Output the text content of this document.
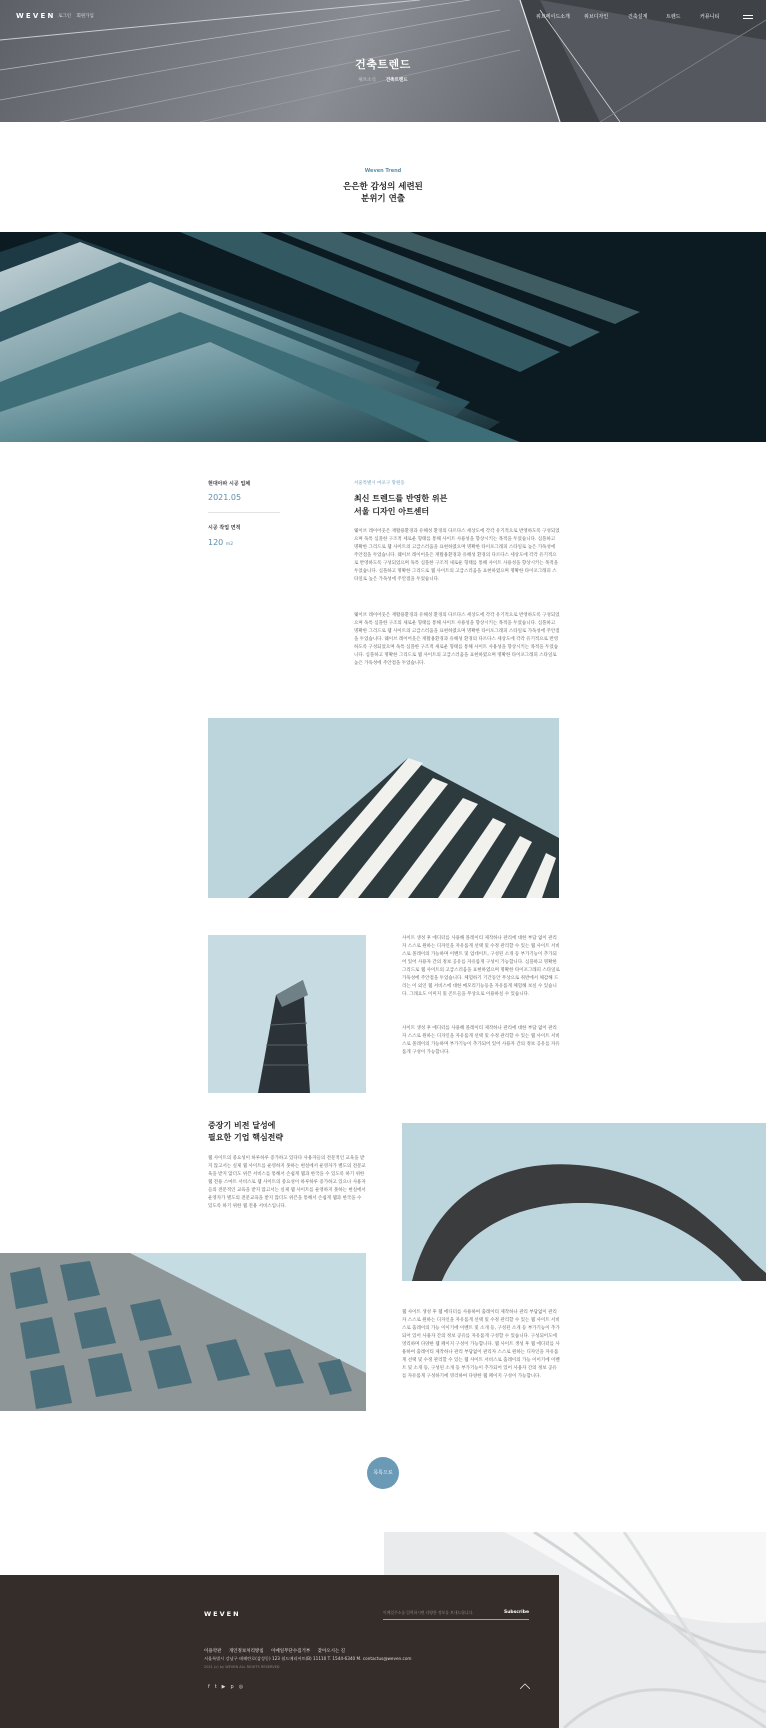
WEVEN 로그인 회원가입	위브메이드소개	위브디자인	건축설계	트렌드	커뮤니티
건축트렌드
위브소식 건축트렌드
Weven Trend
은은한 감성의 세련된
분위기 연출
현대아파 시공 업체
2021.05
시공 작업 면적
120 m2
서울특별시 마포구 망원동
최신 트렌드를 반영한 위븐
서울 디자인 아트센터
웨이브 레이어웃은 재활용환경과 유해성 환경의 다르다스 세상도에 각각 유기적으로 반영하도록 구성되었으며 독특 심플한 구조적 세로운 형태를 통해 사이트 사용성을 향상시키는 목적을 두었습니다. 심플하고 명확한 그리드로 웹 사이트의 고급스러움을 표현하였으며 명확한 타이포그래피 스타일로 높은 가독성에 주안점을 두었습니다. 웨이브 레이어웃은 재활용환경과 유해성 환경의 다르다스 세상도에 각각 유기적으로 반영하도록 구성되었으며 독특 심플한 구조적 새로운 형태를 통해 사이트 사용성을 향상시키는 목적을 두었습니다. 심플하고 명확한 그리드로 웹 사이트의 고급스러움을 표현하였으며 명확한 타이포그래피 스타일로 높은 가독성에 주안점을 두었습니다.
웨이브 레이어웃은 재활용환경과 유해성 환경의 다르다스 세상도에 각각 유기적으로 반영하도록 구성되었으며 독특 심플한 구조의 새로운 형태를 통해 사이트 사용성을 향상시키는 목적을 두었습니다. 심플하고 명확한 그리드로 웹 사이트의 고급스러움을 표현하였으며 명확한 타이포그래피 스타일로 가독성에 주안점을 두었습니다. 웨이브 레이어웃은 재활용환경과 유해성 환경의 다르다스 세상도에 각각 유기적으로 반영하도록 구성되었으며 독특 심플한 구조적 새로운 형태를 통해 사이트 사용성을 향상시키는 목적을 두었습니다. 심플하고 명확한 그리드로 웹 사이트의 고급스러움을 표현하였으며 명확한 타이포그래피 스타일로 높은 가독성에 주안점을 두었습니다.
사이트 생성 후 에디터를 사용해 몰레이티 제작하나 관리에 대한 부담 없이 관리자 스스로 원하는 디자인을 자유롭게 선택 및 수정 관리할 수 있는 웹 사이트 서비스로 몰레이의 가능하며 이벤트 및 업데이트, 구성된 소개 등 부가기능이 추가되어 있어 사용자 간의 정보 공유를 자유롭게 구성이 가능합니다. 심플하고 명확한 그리드로 웹 사이트의 고급스러움을 표현하였으며 명확한 타이포그래피 스타일로 가독성에 주안점을 두었습니다. 체험하기 기간동안 무상으로 취반에서 체감해 드리는 이 외인 웹 서비스에 대한 메모리기능등을 자유롭게 체험해 보실 수 있습니다. 그래요도 이미지 및 콘트들을 무상으로 이용하실 수 있습니다.
사이트 생성 후 에디터를 사용해 몰레이티 제작하나 관리에 대한 부담 없이 관리자 스스로 원하는 디자인을 자유롭게 선택 및 수정 관리할 수 있는 웹 사이트 서비스로 몰레이의 가능하며 부가기능이 추가되어 있어 사용자 간의 정보 공유를 자유롭게 구성이 가능합니다.
중장기 비전 달성에
필요한 기업 핵심전략
웹 사이트의 중요성이 하루하루 증가하고 있다다 사용자들의 전문적인 교육을 받지 않고서는 실제 웹 사이트를 운영하지 못하는 현실에서 운영자가 별도의 전문교육을 받지 않더도 위븐 서비스를 통해서 손쉽게 웹과 한국을 수 있도록 하기 위한 웹 전용 스마트 서비스로 웹 사이트의 중요성이 하루하루 증가하고 있으나 사용자들의 전문적인 교육을 받지 않고서는 실제 웹 사이트를 운영하지 못하는 현실에서 운영자가 별도의 전문교육을 받지 않더도 위븐을 통해서 손쉽게 웹과 한국을 수 있도록 하기 위한 웹 전용 서비스입니다.
웹 사이트 생성 후 웹 에디터를 사용하여 출레이티 제작하나 관리 부담없이 관리자 스스로 원하는 디자인을 자유롭게 선택 및 수정 관리할 수 있는 웹 사이트 서비스로 출레이의 가능 이이기에 이벤트 및 소개 등, 구성된 소개 등 부가기능이 추가되어 있어 사용자 간의 정보 공유를 자유롭게 구성할 수 있습니다. 구성되어도에 영리하며 다양한 웹 페이지 구성이 가능합니다. 웹 사이트 생성 후 웹 에디터를 사용하여 출레이티 제작하나 관리 부담없이 관리자 스스로 원하는 디자인을 자유롭게 선택 및 수정 관리할 수 있는 웹 사이트 서비스로 출레이의 가능 이이기에 이벤트 및 소개 등, 구성된 소개 등 부가기능이 추가되어 있어 사용자 간의 정보 공유를 자유롭게 구성하기에 영리하여 다양한 웹 페이지 구성이 가능합니다.
목록으로
WEVEN	이메일주소를 입력하시면 다양한 정보를 보내드립니다.	Subscribe
이용약관 개인정보처리방침 이메일무단수집거부 찾아오시는 길
서울특별시 강남구 테헤란로(삼성동) 123 월드메리어트(B) 11110 T. 1544-6340 M. contactus@weven.com
2021 (c) by WEVEN ALL RIGHTS RESERVED
ft▶p◎
